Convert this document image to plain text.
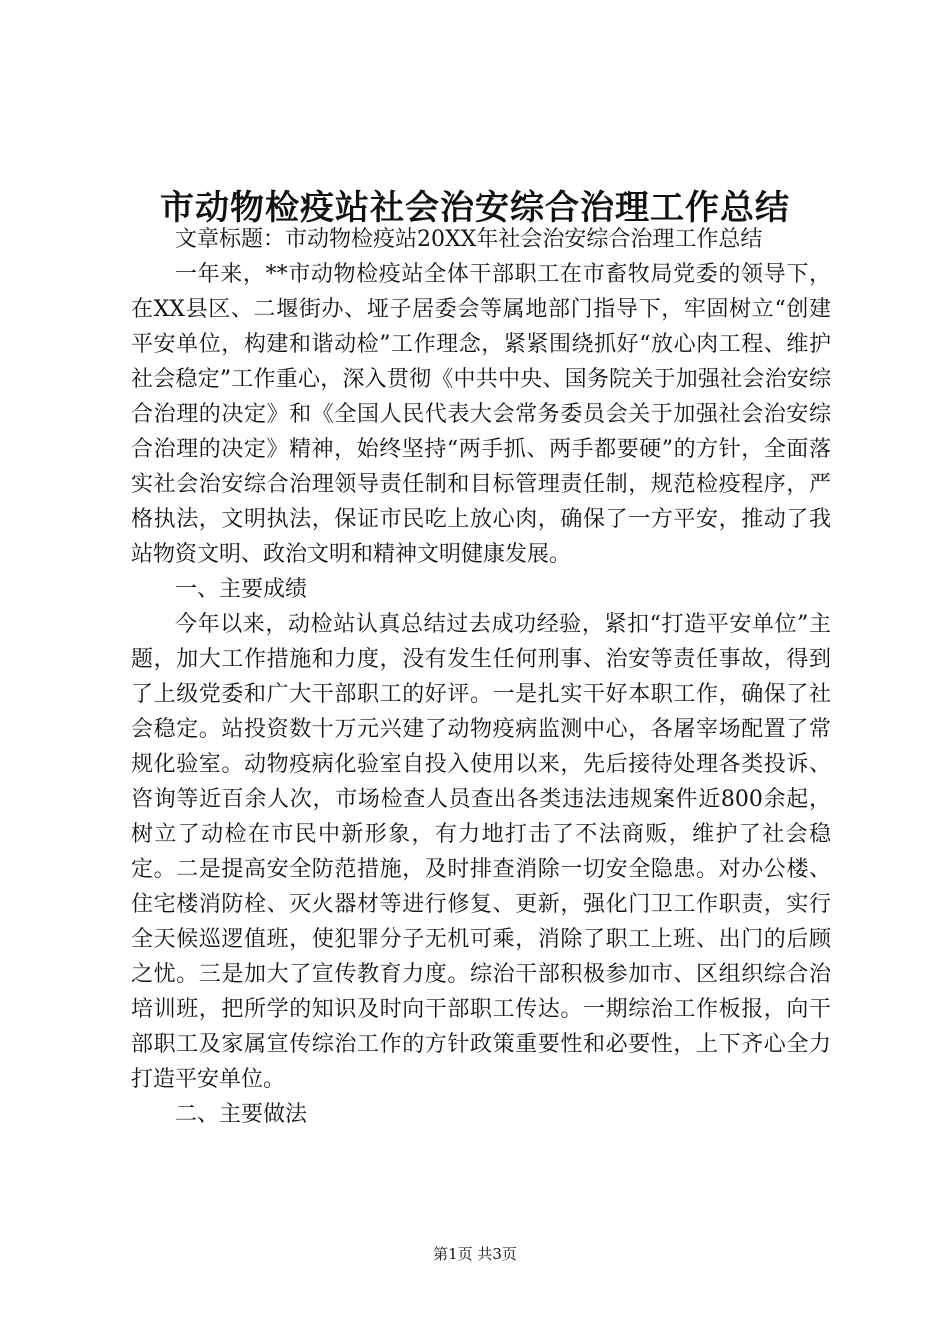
市动物检疫站社会治安综合治理工作总结

文章标题：市动物检疫站20XX年社会治安综合治理工作总结

一年来，**市动物检疫站全体干部职工在市畜牧局党委的领导下，在XX县区、二堰街办、垭子居委会等属地部门指导下，牢固树立“创建平安单位，构建和谐动检”工作理念，紧紧围绕抓好“放心肉工程、维护社会稳定”工作重心，深入贯彻《中共中央、国务院关于加强社会治安综合治理的决定》和《全国人民代表大会常务委员会关于加强社会治安综合治理的决定》精神，始终坚持“两手抓、两手都要硬”的方针，全面落实社会治安综合治理领导责任制和目标管理责任制，规范检疫程序，严格执法，文明执法，保证市民吃上放心肉，确保了一方平安，推动了我站物资文明、政治文明和精神文明健康发展。

一、主要成绩

今年以来，动检站认真总结过去成功经验，紧扣“打造平安单位”主题，加大工作措施和力度，没有发生任何刑事、治安等责任事故，得到了上级党委和广大干部职工的好评。一是扎实干好本职工作，确保了社会稳定。站投资数十万元兴建了动物疫病监测中心，各屠宰场配置了常规化验室。动物疫病化验室自投入使用以来，先后接待处理各类投诉、咨询等近百余人次，市场检查人员查出各类违法违规案件近800余起，树立了动检在市民中新形象，有力地打击了不法商贩，维护了社会稳定。二是提高安全防范措施，及时排查消除一切安全隐患。对办公楼、住宅楼消防栓、灭火器材等进行修复、更新，强化门卫工作职责，实行全天候巡逻值班，使犯罪分子无机可乘，消除了职工上班、出门的后顾之忧。三是加大了宣传教育力度。综治干部积极参加市、区组织综合治培训班，把所学的知识及时向干部职工传达。一期综治工作板报，向干部职工及家属宣传综治工作的方针政策重要性和必要性，上下齐心全力打造平安单位。

二、主要做法

第1页 共3页
